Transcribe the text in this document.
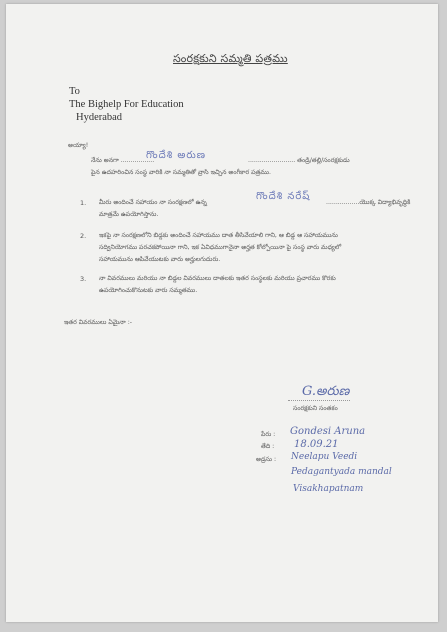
సంరక్షకుని సమ్మతి పత్రము
To
The Bighelp For Education
Hyderabad
అయ్యా!
నేను అనగా .................
గొందేశి అరుణ	........................ తండ్రి/తల్లి/సంరక్షకుడు
పైన ఉదహరించిన సంస్థ వారికి నా సమ్మతితో వ్రాసి ఇచ్చిన అంగీకార పత్రము.
1. మీరు అందించే సహాయం నా సంరక్షణలో ఉన్న
గొందేశి నరేష్
.................యొక్క విద్యాభివృద్ధికి
మాత్రమే ఉపయోగిస్తాను.
2. ఇకపై నా సంరక్షణలోని బిడ్డకు అందించే సహాయము దాత తీసివేయాలి గాని, ఆ బిడ్డ ఆ సహాయమును
సద్వినియోగము పరచకపోయినా గాని, ఇక ఏవిధముగానైనా అర్హత కోల్పోయినా పై సంస్థ వారు మధ్యలో
సహాయమును ఆపివేయుటకు వారు అర్హులగుదురు.
3. నా వివరములు మరియు నా బిడ్డల వివరములు దాతలకు ఇతర సంస్థలకు మరియు ప్రచారము కొరకు
ఉపయోగించుకొనుటకు వారు సమ్మతము.
ఇతర వివరములు ఏమైనా :-
G.అరుణ
సంరక్షకుని సంతకం
పేరు : Gondesi Aruna
తేది : 18.09.21
అడ్రసు : Neelapu Veedi
Pedagantyada mandal
Visakhapatnam
